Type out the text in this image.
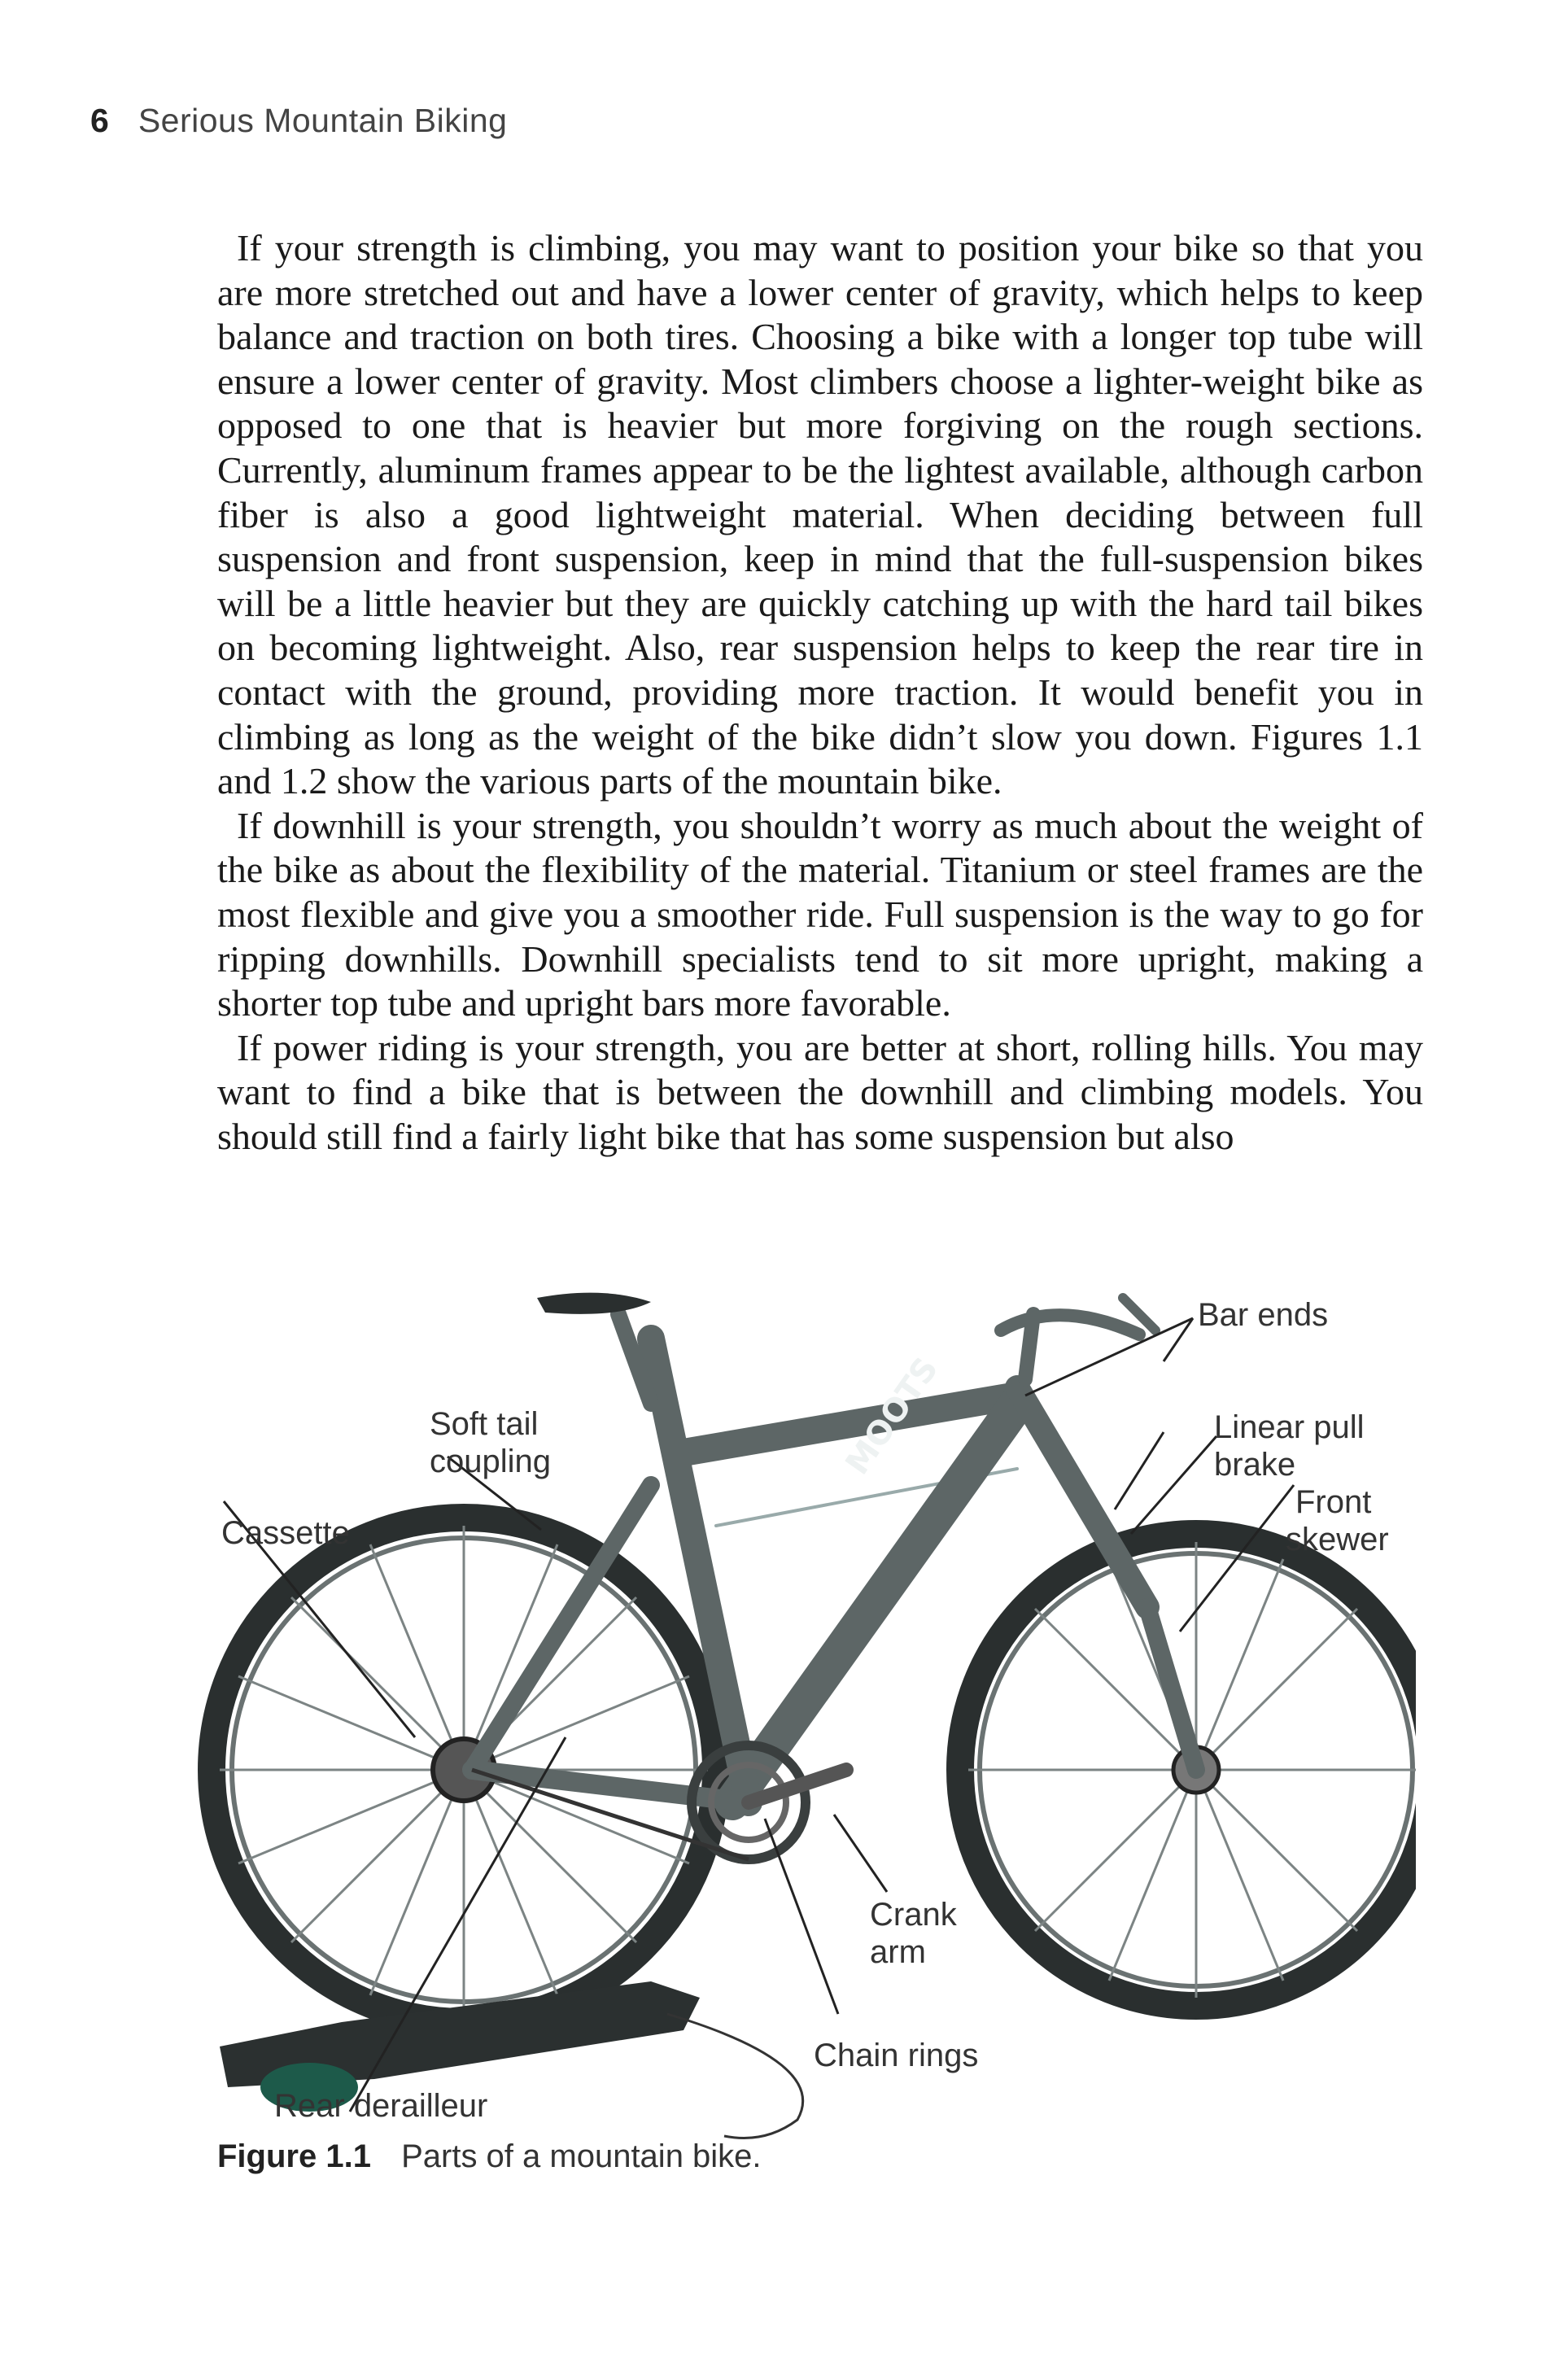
6 Serious Mountain Biking

If your strength is climbing, you may want to position your bike so that you are more stretched out and have a lower center of gravity, which helps to keep balance and traction on both tires. Choosing a bike with a longer top tube will ensure a lower center of gravity. Most climbers choose a lighter-weight bike as opposed to one that is heavier but more forgiving on the rough sections. Currently, aluminum frames appear to be the lightest available, although carbon fiber is also a good lightweight material. When deciding between full suspension and front suspension, keep in mind that the full-suspension bikes will be a little heavier but they are quickly catching up with the hard tail bikes on becoming lightweight. Also, rear suspension helps to keep the rear tire in contact with the ground, providing more traction. It would benefit you in climbing as long as the weight of the bike didn’t slow you down. Figures 1.1 and 1.2 show the various parts of the mountain bike.

If downhill is your strength, you shouldn’t worry as much about the weight of the bike as about the flexibility of the material. Titanium or steel frames are the most flexible and give you a smoother ride. Full suspension is the way to go for ripping downhills. Downhill specialists tend to sit more upright, making a shorter top tube and upright bars more favorable.

If power riding is your strength, you are better at short, rolling hills. You may want to find a bike that is between the downhill and climbing models. You should still find a fairly light bike that has some suspension but also

MOOTS
Bar ends
Soft tail
coupling
Linear pull
brake
Front
skewer
Cassette
Crank
arm
Chain rings
Rear derailleur
Figure 1.1 Parts of a mountain bike.
